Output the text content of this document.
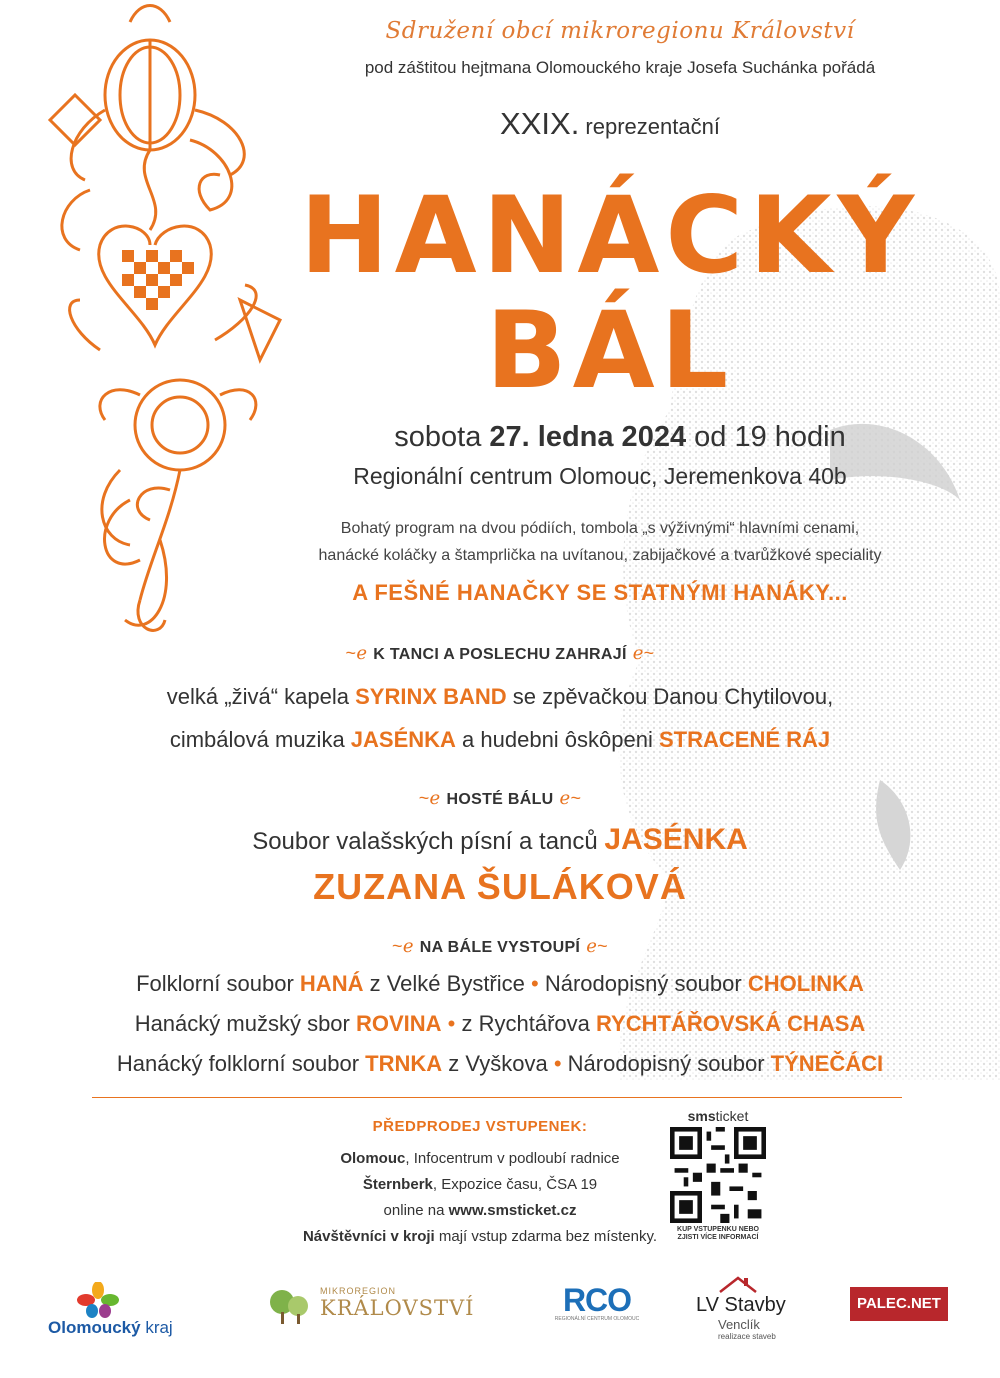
Sdružení obcí mikroregionu Království
pod záštitou hejtmana Olomouckého kraje Josefa Suchánka pořádá
XXIX. reprezentační
HANÁCKÝ
BÁL
sobota 27. ledna 2024 od 19 hodin
Regionální centrum Olomouc, Jeremenkova 40b
Bohatý program na dvou pódiích, tombola „s výživnými“ hlavními cenami,
hanácké koláčky a štamprlička na uvítanou, zabijačkové a tvarůžkové speciality
A FEŠNÉ HANAČKY SE STATNÝMI HANÁKY...
~ℯ K TANCI A POSLECHU ZAHRAJÍ ℯ~
velká „živá“ kapela SYRINX BAND se zpěvačkou Danou Chytilovou,
cimbálová muzika JASÉNKA a hudebni ôskôpeni STRACENÉ RÁJ
~ℯ HOSTÉ BÁLU ℯ~
Soubor valašských písní a tanců JASÉNKA
ZUZANA ŠULÁKOVÁ
~ℯ NA BÁLE VYSTOUPÍ ℯ~
Folklorní soubor HANÁ z Velké Bystřice • Národopisný soubor CHOLINKA
Hanácký mužský sbor ROVINA • z Rychtářova RYCHTÁŘOVSKÁ CHASA
Hanácký folklorní soubor TRNKA z Vyškova • Národopisný soubor TÝNEČÁCI
PŘEDPRODEJ VSTUPENEK:
Olomouc, Infocentrum v podloubí radnice
Šternberk, Expozice času, ČSA 19
online na www.smsticket.cz
Návštěvníci v kroji mají vstup zdarma bez místenky.
smsticket
KUP VSTUPENKU NEBO
ZJISTI VÍCE INFORMACÍ
Olomoucký kraj
MIKROREGION
KRÁLOVSTVÍ	RCO
REGIONÁLNÍ CENTRUM OLOMOUC
LV Stavby
Venclík
realizace staveb
PALEC.NET
